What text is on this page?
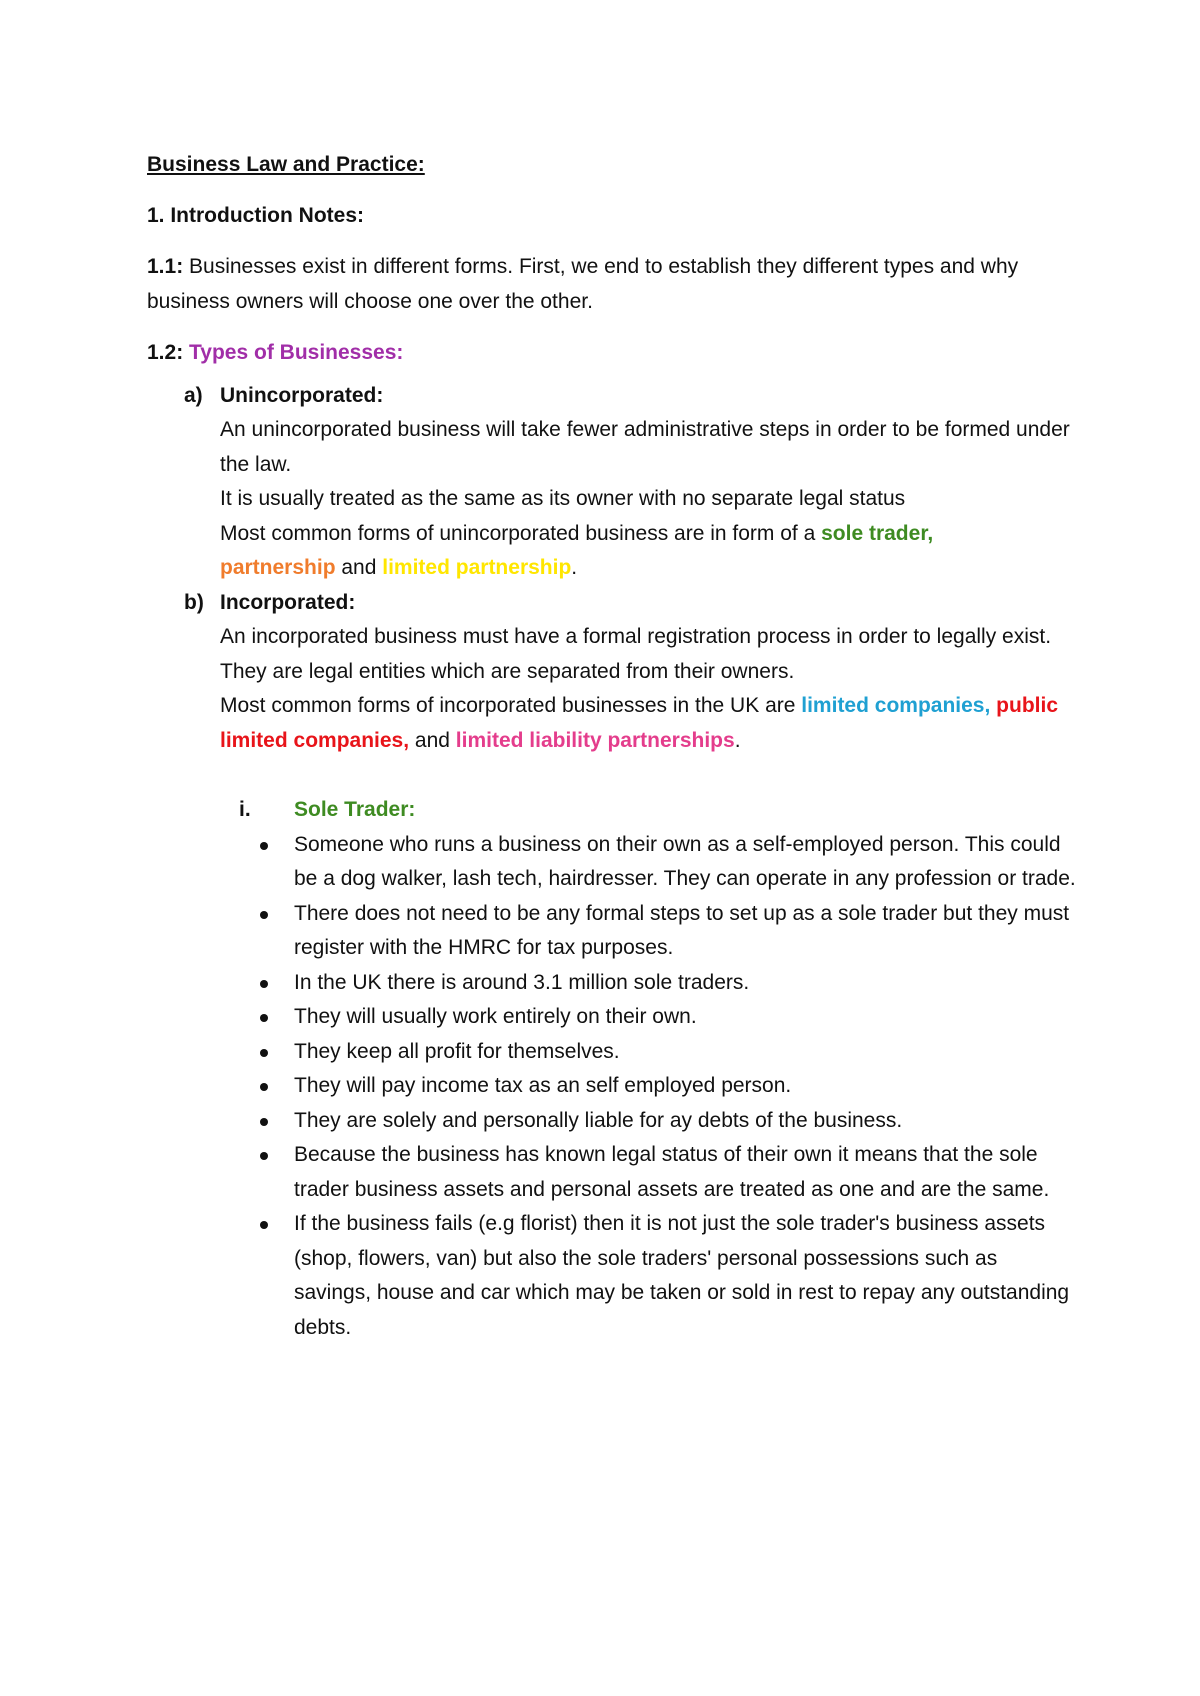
Business Law and Practice:
1. Introduction Notes:
1.1: Businesses exist in different forms. First, we end to establish they different types and why business owners will choose one over the other.
1.2: Types of Businesses:
a) Unincorporated:
An unincorporated business will take fewer administrative steps in order to be formed under the law.
It is usually treated as the same as its owner with no separate legal status
Most common forms of unincorporated business are in form of a sole trader,
partnership and limited partnership.
b) Incorporated:
An incorporated business must have a formal registration process in order to legally exist.
They are legal entities which are separated from their owners.
Most common forms of incorporated businesses in the UK are limited companies, public limited companies, and limited liability partnerships.
i. Sole Trader:
Someone who runs a business on their own as a self-employed person. This could be a dog walker, lash tech, hairdresser. They can operate in any profession or trade.
There does not need to be any formal steps to set up as a sole trader but they must register with the HMRC for tax purposes.
In the UK there is around 3.1 million sole traders.
They will usually work entirely on their own.
They keep all profit for themselves.
They will pay income tax as an self employed person.
They are solely and personally liable for ay debts of the business.
Because the business has known legal status of their own it means that the sole trader business assets and personal assets are treated as one and are the same.
If the business fails (e.g florist) then it is not just the sole trader's business assets (shop, flowers, van) but also the sole traders' personal possessions such as savings, house and car which may be taken or sold in rest to repay any outstanding debts.
